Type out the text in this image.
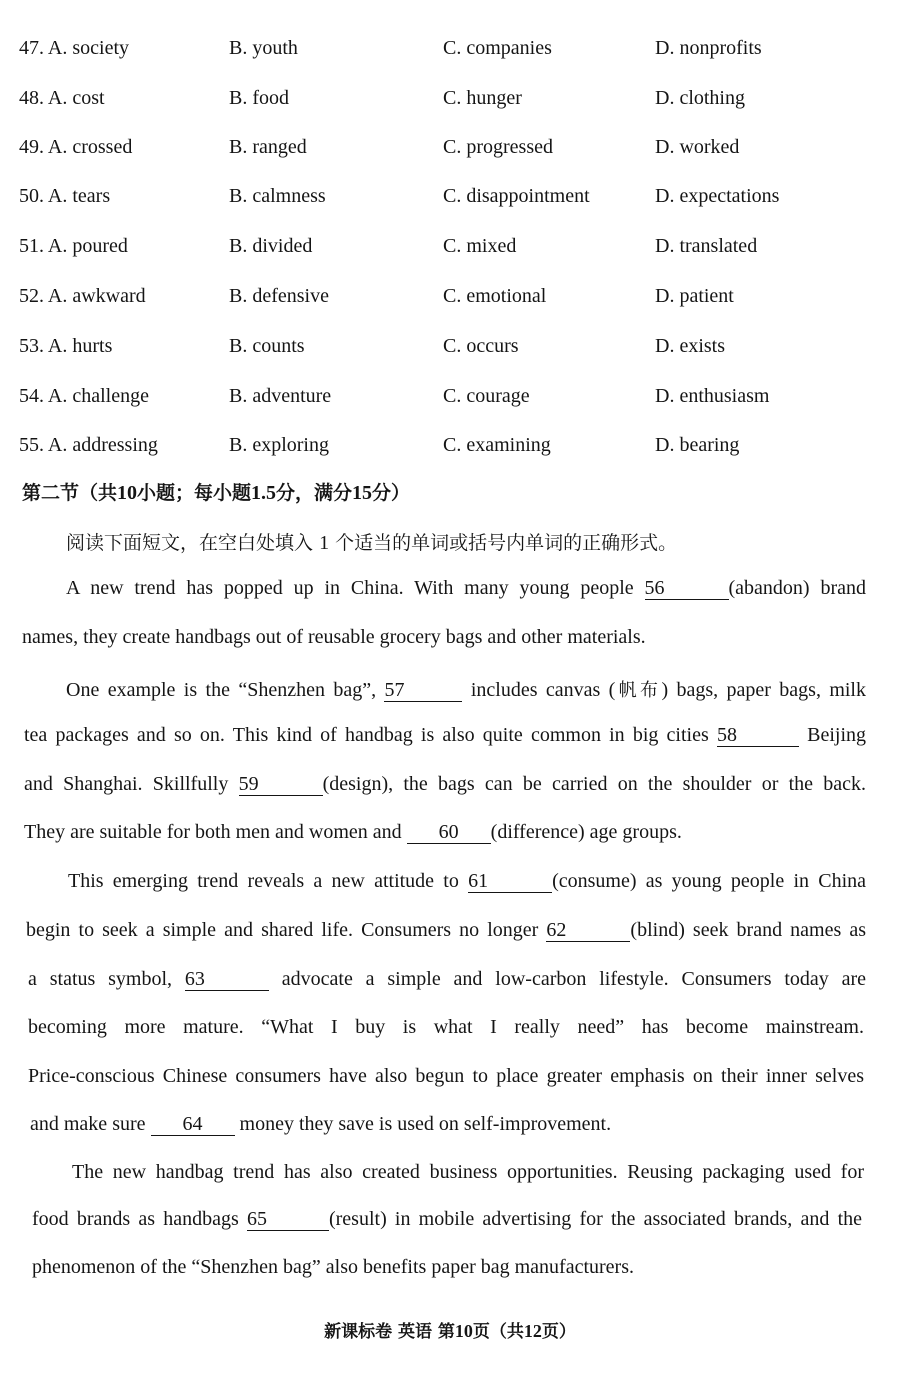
47. A. society	B. youth	C. companies	D. nonprofits
48. A. cost	B. food	C. hunger	D. clothing
49. A. crossed	B. ranged	C. progressed	D. worked
50. A. tears	B. calmness	C. disappointment	D. expectations
51. A. poured	B. divided	C. mixed	D. translated
52. A. awkward	B. defensive	C. emotional	D. patient
53. A. hurts	B. counts	C. occurs	D. exists
54. A. challenge	B. adventure	C. courage	D. enthusiasm
55. A. addressing	B. exploring	C. examining	D. bearing
第二节（共10小题；每小题1.5分，满分15分）
阅读下面短文，在空白处填入 1 个适当的单词或括号内单词的正确形式。
A new trend has popped up in China. With many young people 56	(abandon) brand
names, they create handbags out of reusable grocery bags and other materials.
One example is the “Shenzhen bag”, 57	includes canvas (帆布) bags, paper bags, milk
tea packages and so on. This kind of handbag is also quite common in big cities 58	Beijing
and Shanghai. Skillfully 59	(design), the bags can be carried on the shoulder or the back.
They are suitable for both men and women and 60 (difference) age groups.
This emerging trend reveals a new attitude to 61	(consume) as young people in China
begin to seek a simple and shared life. Consumers no longer 62	(blind) seek brand names as
a status symbol, 63	advocate a simple and low-carbon lifestyle. Consumers today are
becoming more mature. “What I buy is what I really need” has become mainstream.
Price-conscious Chinese consumers have also begun to place greater emphasis on their inner selves
and make sure 64 money they save is used on self-improvement.
The new handbag trend has also created business opportunities. Reusing packaging used for
food brands as handbags 65	(result) in mobile advertising for the associated brands, and the
phenomenon of the “Shenzhen bag” also benefits paper bag manufacturers.
新课标卷 英语 第10页（共12页）
